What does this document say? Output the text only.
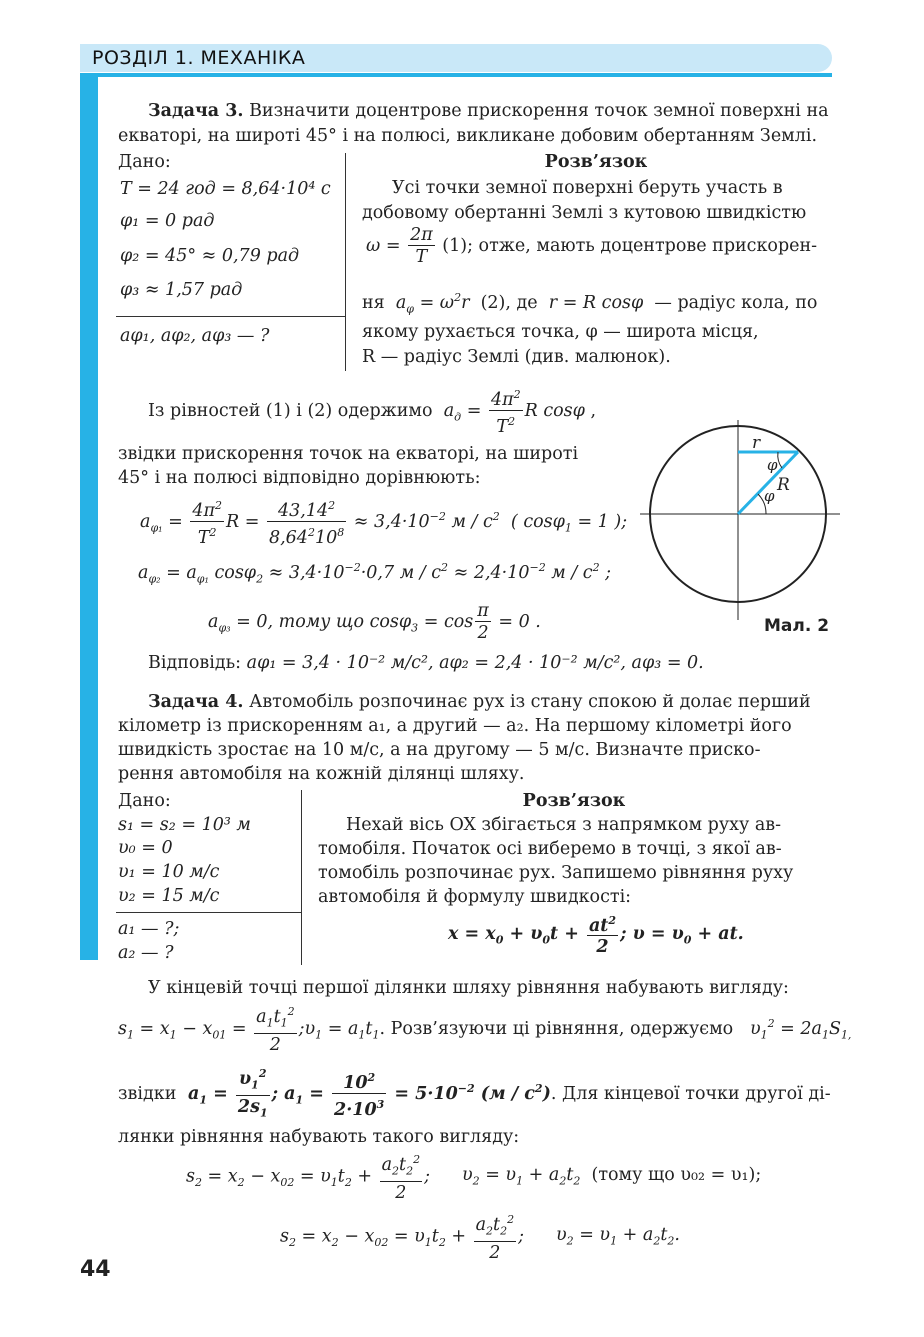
РОЗДІЛ 1. МЕХАНІКА
Задача 3. Визначити доцентрове прискорення точок земної поверхні на
екваторі, на широті 45° і на полюсі, викликане добовим обертанням Землі.
Дано:
T = 24 год = 8,64·10⁴ с
φ₁ = 0 рад
φ₂ = 45° ≈ 0,79 рад
φ₃ ≈ 1,57 рад
aφ₁, aφ₂, aφ₃ — ?
Розв’язок
Усі точки земної поверхні беруть участь в
добовому обертанні Землі з кутовою швидкістю
$\omega = \frac{2\pi}{T} (1)$; отже, мають доцентрове прискорен-
ня  $a_\varphi = \omega^2r$  (2), де  r = R cosφ  — радіус кола, по
якому рухається точка, φ — широта місця,
R — радіус Землі (див. малюнок).
Із рівностей (1) і (2) одержимо  $a_д = \frac{4\pi^2}{T^2}$ R cosφ ,
звідки прискорення точок на екваторі, на широті
45° і на полюсі відповідно дорівнюють:
$a_{\varphi_1} = \frac{4\pi^2}{T^2}$ $R = \frac{43,14^2}{8,64^210^8} \approx 3,4\cdot 10^{-2}$ м / $с^2$  ( cosφ$_1$ = 1 );
$a_{\varphi_2} = a_{\varphi_1}$ $\cos\varphi_2 \approx 3,4\cdot 10^{-2}\cdot 0,7$ $м / с^2 \approx 2,4\cdot 10^{-2}$ м / $с^2$ ;
$a_{\varphi_3} = 0$, тому що $\cos\varphi_3 = \cos \frac{\pi}{2} = 0$ .
Відповідь: aφ₁ = 3,4 · 10⁻² м/с², aφ₂ = 2,4 · 10⁻² м/с², aφ₃ = 0.
r
φ
R
φ
Мал. 2
Задача 4. Автомобіль розпочинає рух із стану спокою й долає перший
кілометр із прискоренням a₁, а другий — a₂. На першому кілометрі його
швидкість зростає на 10 м/с, а на другому — 5 м/с. Визначте приско-
рення автомобіля на кожній ділянці шляху.
Дано:
s₁ = s₂ = 10³ м
υ₀ = 0
υ₁ = 10 м/с
υ₂ = 15 м/с
a₁ — ?;
a₂ — ?
Розв’язок
Нехай вісь OX збігається з напрямком руху ав-
томобіля. Початок осі виберемо в точці, з якої ав-
томобіль розпочинає рух. Запишемо рівняння руху
автомобіля й формулу швидкості:
$x = x_0 + \upsilon_0t + \frac{at^2}{2}$ ; $\upsilon = \upsilon_0$ + at.
У кінцевій точці першої ділянки шляху рівняння набувають вигляду:
$s_1 = x_1 - x_{01} = \frac{a_1t_1^2}{2}$ $;\upsilon_1 = a_1t_1$. Розв’язуючи ці рівняння, одержуємо   $\upsilon_1^2 = 2a_1S_{1,}$
звідки  $a_1 = \frac{\upsilon_1^2}{2s_1}$ ; $a_1 = \frac{10^2}{2\cdot 10^3} = 5\cdot 10^{-2}$ $(м / с^2)$. Для кінцевої точки другої ді-
лянки рівняння набувають такого вигляду:
$s_2 = x_2 - x_{02} = \upsilon_1t_2 + \frac{a_2t_2^2}{2}$ ; $\upsilon_2 = \upsilon_1 + a_2t_2$ (тому що υ₀₂ = υ₁);
$s_2 = x_2 - x_{02} = \upsilon_1t_2 + \frac{a_2t_2^2}{2}$ ; $\upsilon_2 = \upsilon_1 + a_2t_2$.
44
